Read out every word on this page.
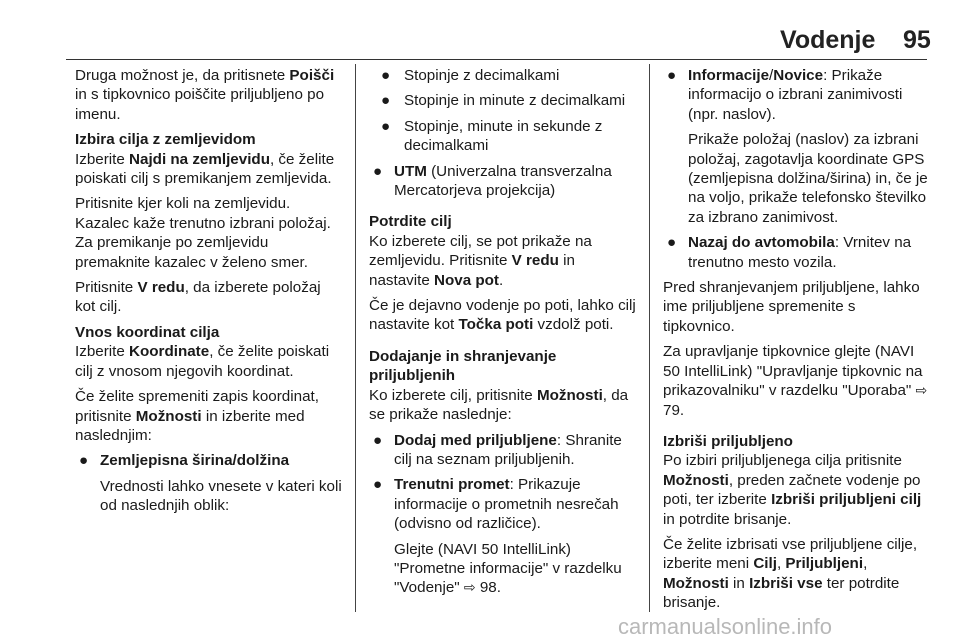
Vodenje 95

Druga možnost je, da pritisnete Poišči in s tipkovnico poiščite priljubljeno po imenu.

Izbira cilja z zemljevidom

Izberite Najdi na zemljevidu, če želite poiskati cilj s premikanjem zemljevida.

Pritisnite kjer koli na zemljevidu. Kazalec kaže trenutno izbrani položaj. Za premikanje po zemljevidu premaknite kazalec v želeno smer.

Pritisnite V redu, da izberete položaj kot cilj.

Vnos koordinat cilja

Izberite Koordinate, če želite poiskati cilj z vnosom njegovih koordinat.

Če želite spremeniti zapis koordinat, pritisnite Možnosti in izberite med naslednjim:

● Zemljepisna širina/dolžina

Vrednosti lahko vnesete v kateri koli od naslednjih oblik:

● Stopinje z decimalkami
● Stopinje in minute z decimalkami
● Stopinje, minute in sekunde z decimalkami
● UTM (Univerzalna transverzalna Mercatorjeva projekcija)

Potrdite cilj

Ko izberete cilj, se pot prikaže na zemljevidu. Pritisnite V redu in nastavite Nova pot.

Če je dejavno vodenje po poti, lahko cilj nastavite kot Točka poti vzdolž poti.

Dodajanje in shranjevanje priljubljenih

Ko izberete cilj, pritisnite Možnosti, da se prikaže naslednje:

● Dodaj med priljubljene: Shranite cilj na seznam priljubljenih.
● Trenutni promet: Prikazuje informacije o prometnih nesrečah (odvisno od različice).

Glejte (NAVI 50 IntelliLink) "Prometne informacije" v razdelku "Vodenje" ⇨ 98.

● Informacije/Novice: Prikaže informacijo o izbrani zanimivosti (npr. naslov).

Prikaže položaj (naslov) za izbrani položaj, zagotavlja koordinate GPS (zemljepisna dolžina/širina) in, če je na voljo, prikaže telefonsko številko za izbrano zanimivost.

● Nazaj do avtomobila: Vrnitev na trenutno mesto vozila.

Pred shranjevanjem priljubljene, lahko ime priljubljene spremenite s tipkovnico.

Za upravljanje tipkovnice glejte (NAVI 50 IntelliLink) "Upravljanje tipkovnic na prikazovalniku" v razdelku "Uporaba" ⇨ 79.

Izbriši priljubljeno

Po izbiri priljubljenega cilja pritisnite Možnosti, preden začnete vodenje po poti, ter izberite Izbriši priljubljeni cilj in potrdite brisanje.

Če želite izbrisati vse priljubljene cilje, izberite meni Cilj, Priljubljeni, Možnosti in Izbriši vse ter potrdite brisanje.

carmanualsonline.info
